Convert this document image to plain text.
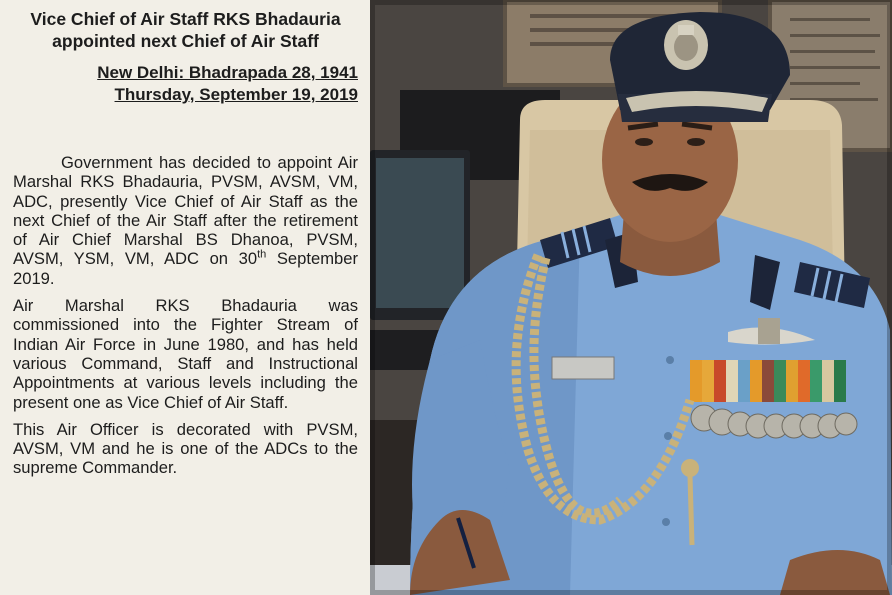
Vice Chief of Air Staff RKS Bhadauria appointed next Chief of Air Staff

New Delhi: Bhadrapada 28, 1941

Thursday, September 19, 2019

Government has decided to appoint Air Marshal RKS Bhadauria, PVSM, AVSM, VM, ADC, presently Vice Chief of Air Staff as the next Chief of the Air Staff after the retirement of Air Chief Marshal BS Dhanoa, PVSM, AVSM, YSM, VM, ADC on 30th September 2019.

Air Marshal RKS Bhadauria was commissioned into the Fighter Stream of Indian Air Force in June 1980, and has held various Command, Staff and Instructional Appointments at various levels including the present one as Vice Chief of Air Staff.

This Air Officer is decorated with PVSM, AVSM, VM and he is one of the ADCs to the supreme Commander.
